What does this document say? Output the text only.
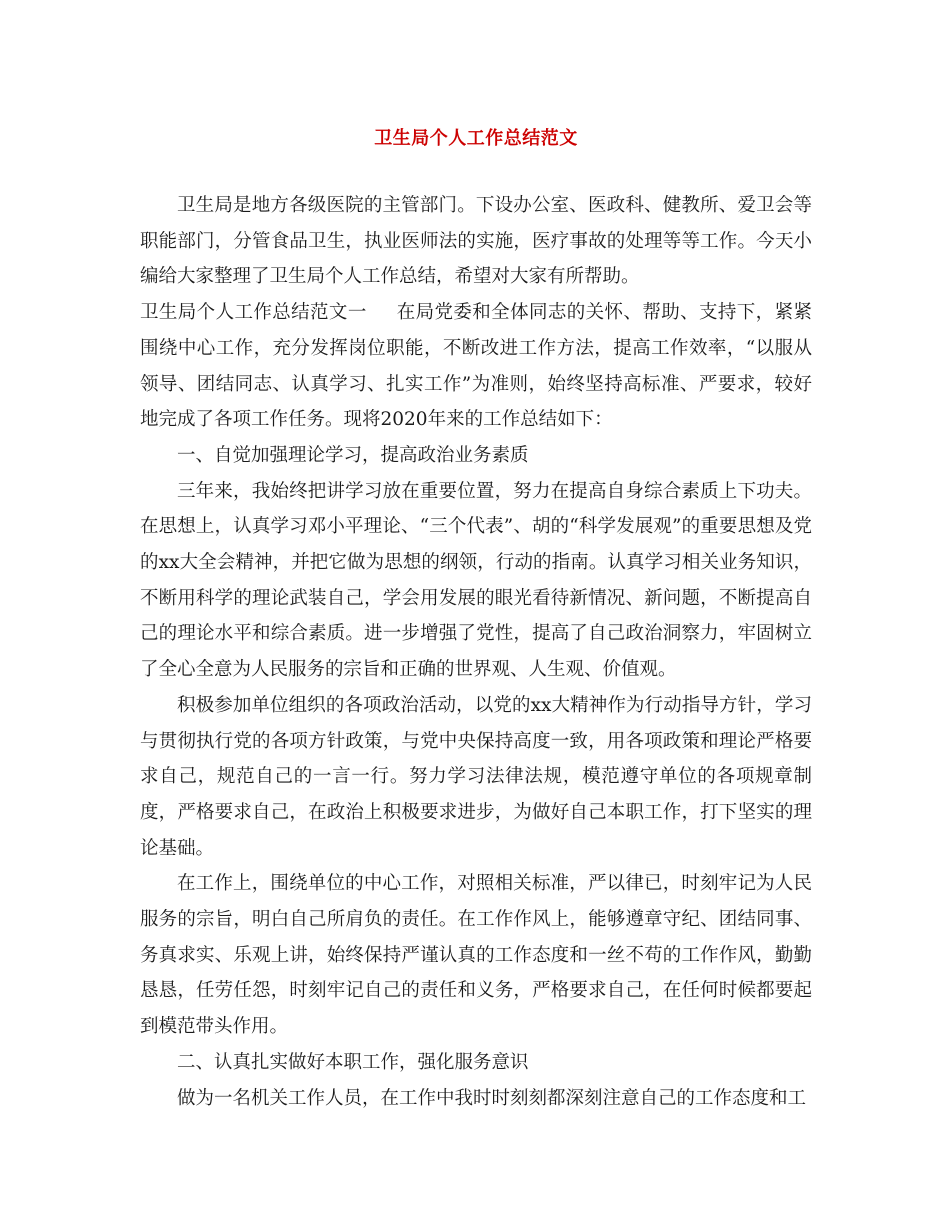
卫生局个人工作总结范文

卫生局是地方各级医院的主管部门。下设办公室、医政科、健教所、爱卫会等职能部门，分管食品卫生，执业医师法的实施，医疗事故的处理等等工作。今天小编给大家整理了卫生局个人工作总结，希望对大家有所帮助。

卫生局个人工作总结范文一 在局党委和全体同志的关怀、帮助、支持下，紧紧围绕中心工作，充分发挥岗位职能，不断改进工作方法，提高工作效率，“以服从领导、团结同志、认真学习、扎实工作”为准则，始终坚持高标准、严要求，较好地完成了各项工作任务。现将2020年来的工作总结如下：

一、自觉加强理论学习，提高政治业务素质

三年来，我始终把讲学习放在重要位置，努力在提高自身综合素质上下功夫。在思想上，认真学习邓小平理论、“三个代表”、胡的“科学发展观”的重要思想及党的xx大全会精神，并把它做为思想的纲领，行动的指南。认真学习相关业务知识，不断用科学的理论武装自己，学会用发展的眼光看待新情况、新问题，不断提高自己的理论水平和综合素质。进一步增强了党性，提高了自己政治洞察力，牢固树立了全心全意为人民服务的宗旨和正确的世界观、人生观、价值观。

积极参加单位组织的各项政治活动，以党的xx大精神作为行动指导方针，学习与贯彻执行党的各项方针政策，与党中央保持高度一致，用各项政策和理论严格要求自己，规范自己的一言一行。努力学习法律法规，模范遵守单位的各项规章制度，严格要求自己，在政治上积极要求进步，为做好自己本职工作，打下坚实的理论基础。

在工作上，围绕单位的中心工作，对照相关标准，严以律已，时刻牢记为人民服务的宗旨，明白自己所肩负的责任。在工作作风上，能够遵章守纪、团结同事、务真求实、乐观上讲，始终保持严谨认真的工作态度和一丝不苟的工作作风，勤勤恳恳，任劳任怨，时刻牢记自己的责任和义务，严格要求自己，在任何时候都要起到模范带头作用。

二、认真扎实做好本职工作，强化服务意识

做为一名机关工作人员，在工作中我时时刻刻都深刻注意自己的工作态度和工
